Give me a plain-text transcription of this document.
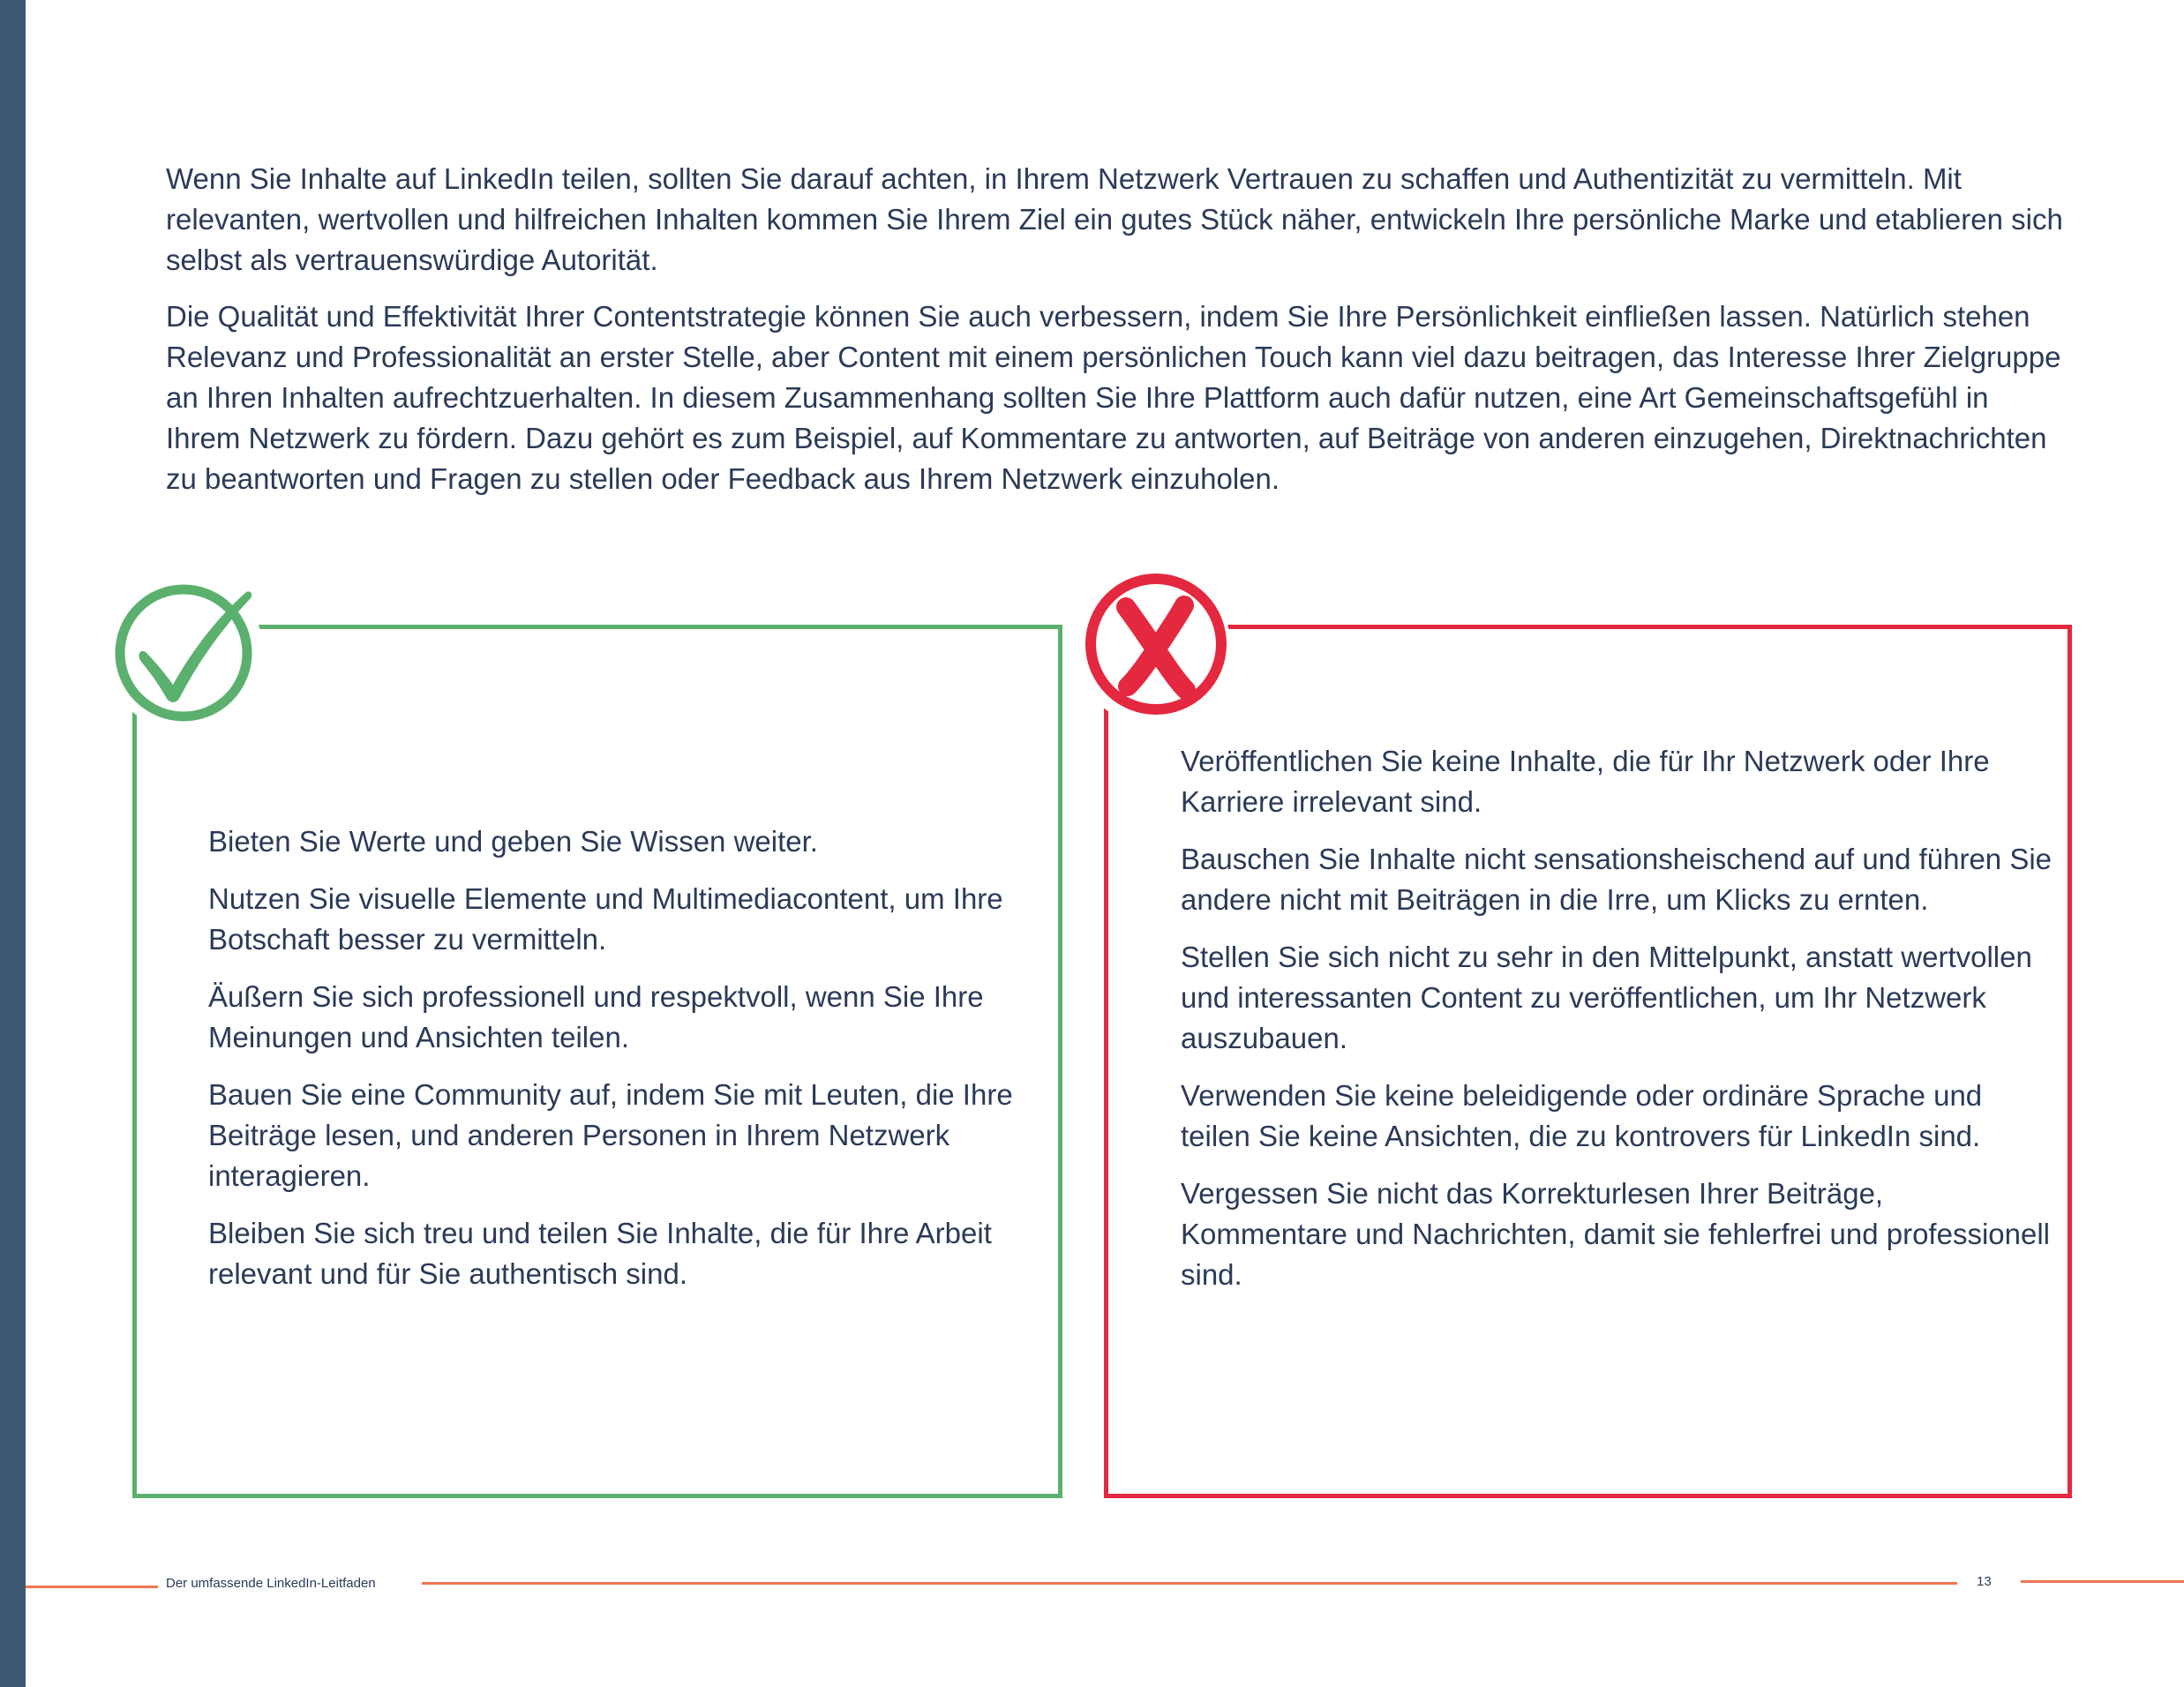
Wenn Sie Inhalte auf LinkedIn teilen, sollten Sie darauf achten, in Ihrem Netzwerk Vertrauen zu schaffen und Authentizität zu vermitteln. Mit relevanten, wertvollen und hilfreichen Inhalten kommen Sie Ihrem Ziel ein gutes Stück näher, entwickeln Ihre persönliche Marke und etablieren sich selbst als vertrauenswürdige Autorität.

Die Qualität und Effektivität Ihrer Contentstrategie können Sie auch verbessern, indem Sie Ihre Persönlichkeit einfließen lassen. Natürlich stehen Relevanz und Professionalität an erster Stelle, aber Content mit einem persönlichen Touch kann viel dazu beitragen, das Interesse Ihrer Zielgruppe an Ihren Inhalten aufrechtzuerhalten. In diesem Zusammenhang sollten Sie Ihre Plattform auch dafür nutzen, eine Art Gemeinschaftsgefühl in Ihrem Netzwerk zu fördern. Dazu gehört es zum Beispiel, auf Kommentare zu antworten, auf Beiträge von anderen einzugehen, Direktnachrichten zu beantworten und Fragen zu stellen oder Feedback aus Ihrem Netzwerk einzuholen.

Bieten Sie Werte und geben Sie Wissen weiter.

Nutzen Sie visuelle Elemente und Multimediacontent, um Ihre Botschaft besser zu vermitteln.

Äußern Sie sich professionell und respektvoll, wenn Sie Ihre Meinungen und Ansichten teilen.

Bauen Sie eine Community auf, indem Sie mit Leuten, die Ihre Beiträge lesen, und anderen Personen in Ihrem Netzwerk interagieren.

Bleiben Sie sich treu und teilen Sie Inhalte, die für Ihre Arbeit relevant und für Sie authentisch sind.

Veröffentlichen Sie keine Inhalte, die für Ihr Netzwerk oder Ihre Karriere irrelevant sind.

Bauschen Sie Inhalte nicht sensationsheischend auf und führen Sie andere nicht mit Beiträgen in die Irre, um Klicks zu ernten.

Stellen Sie sich nicht zu sehr in den Mittelpunkt, anstatt wertvollen und interessanten Content zu veröffentlichen, um Ihr Netzwerk auszubauen.

Verwenden Sie keine beleidigende oder ordinäre Sprache und teilen Sie keine Ansichten, die zu kontrovers für LinkedIn sind.

Vergessen Sie nicht das Korrekturlesen Ihrer Beiträge, Kommentare und Nachrichten, damit sie fehlerfrei und professionell sind.

Der umfassende LinkedIn-Leitfaden	13
